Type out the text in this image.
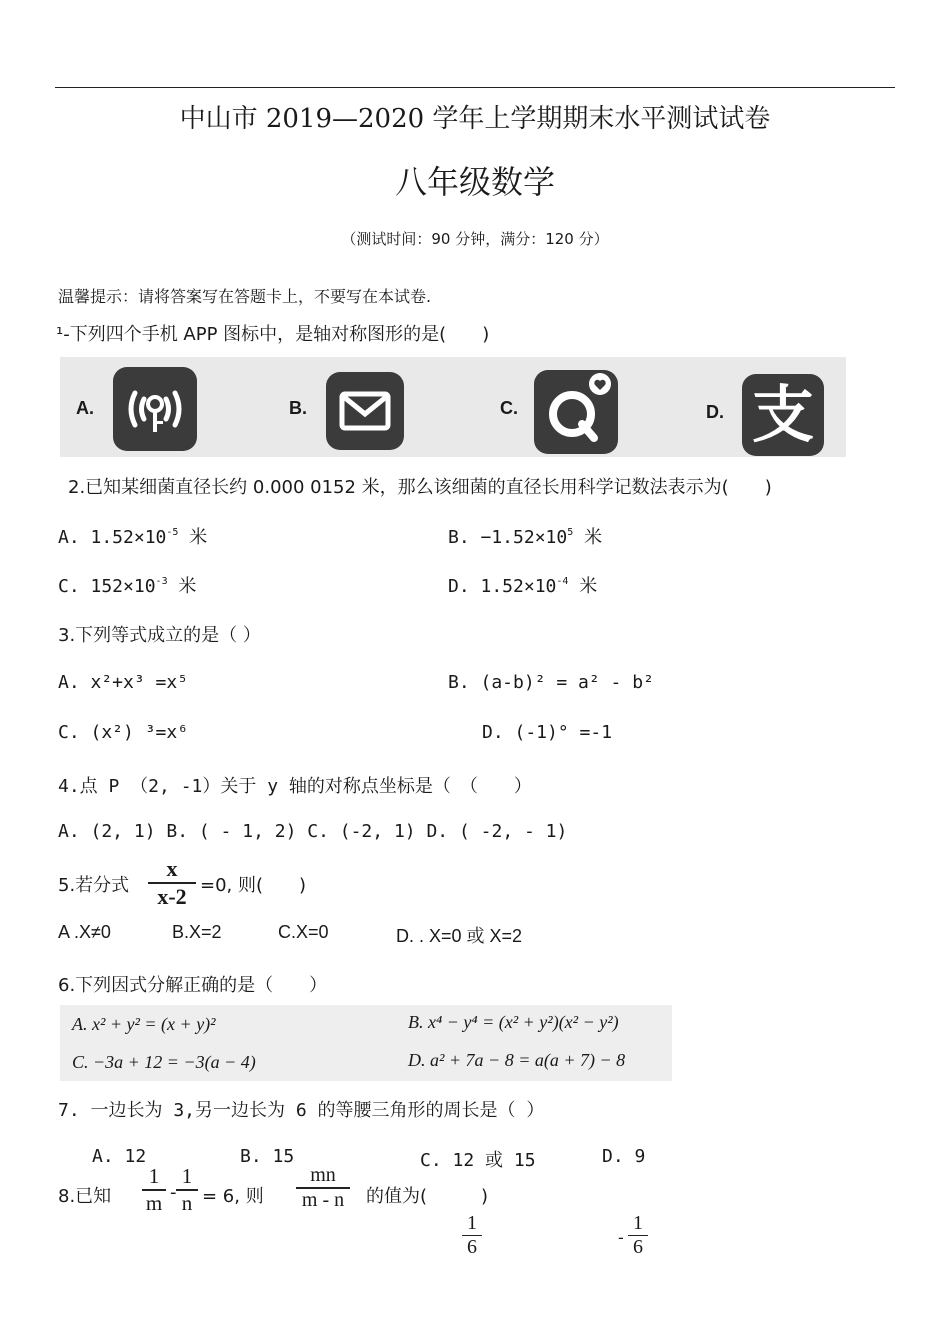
中山市 2019—2020 学年上学期期末水平测试试卷
八年级数学
（测试时间：90 分钟，满分：120 分）
温馨提示：请将答案写在答题卡上，不要写在本试卷.
¹-下列四个手机 APP 图标中，是轴对称图形的是(　　)
A.	B.	C.	D. 支
2.已知某细菌直径长约 0.000 0152 米，那么该细菌的直径长用科学记数法表示为(　　)
A. $1.52\times 10^{-5}$ 米	B. $-1.52\times 10^5$ 米
C. $152\times 10^{-3}$ 米	D. $1.52\times 10^{-4}$ 米
3.下列等式成立的是（ ）
A. x²+x³ =x⁵	B. (a-b)² = a² - b²
C. (x²) ³=x⁶	D. (-1)° =-1
4.点 P （2, -1）关于 y 轴的对称点坐标是（　（　　）
A. (2, 1) B. ( - 1, 2) C. (-2, 1) D. ( -2, - 1)
5.若分式
x
x-2 =0, 则(　　)
A .X≠0	B.X=2	C.X=0	D. . X=0 或 X=2
6.下列因式分解正确的是（　　）
A. x² + y² = (x + y)²	B. x⁴ − y⁴ = (x² + y²)(x² − y²)
C. −3a + 12 = −3(a − 4)	D. a² + 7a − 8 = a(a + 7) − 8
7. 一边长为 3,另一边长为 6 的等腰三角形的周长是（ ）
A. 12	B. 15	C. 12 或 15	D. 9
8.已知
1
m -
1
n = 6, 则
mn
m - n	的值为(　　　)
1
6	-
1
6
